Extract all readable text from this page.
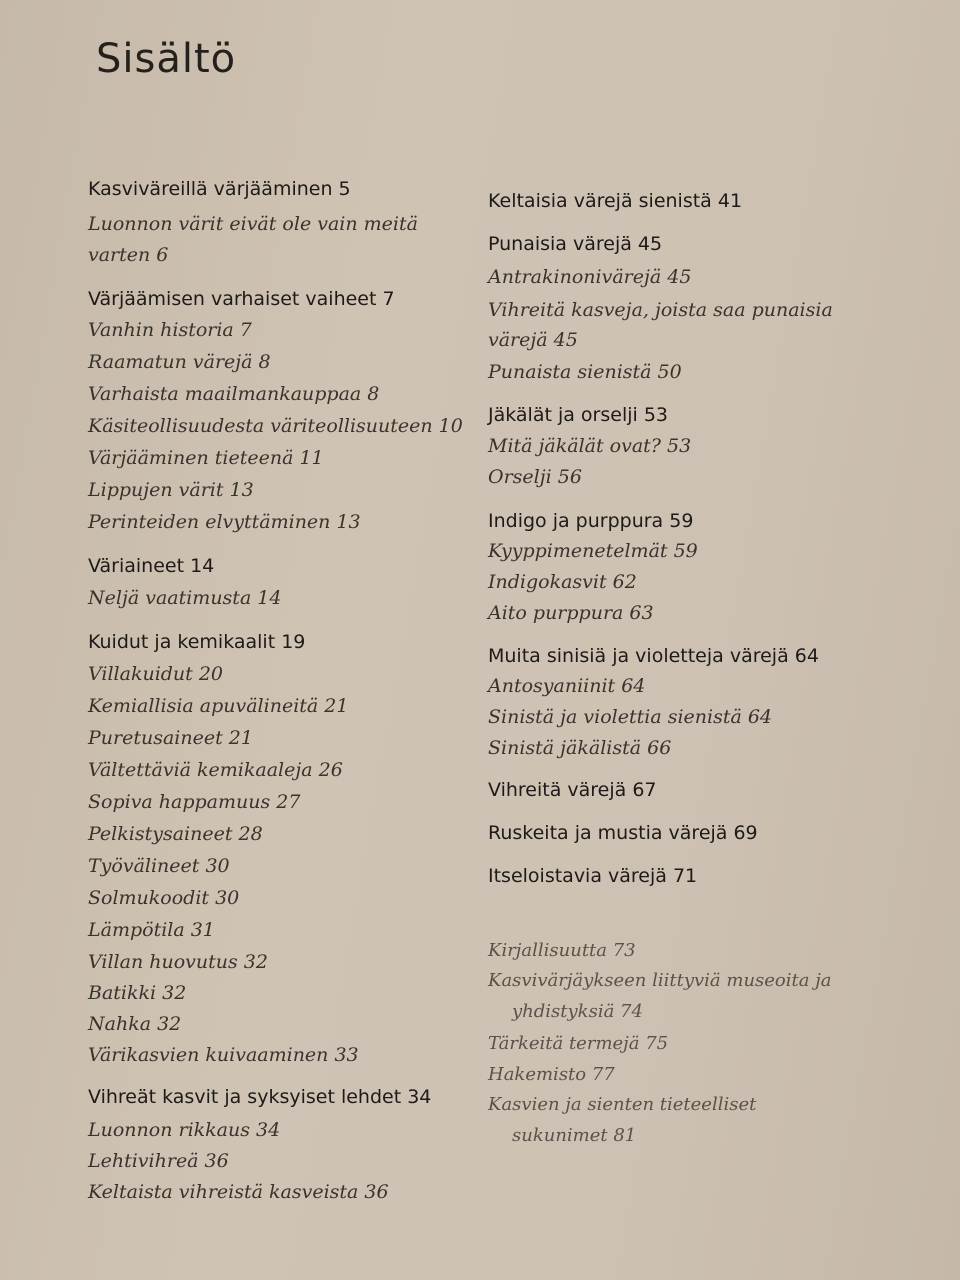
Sisältö
Kasviväreillä värjääminen 5
Luonnon värit eivät ole vain meitä
varten 6
Värjäämisen varhaiset vaiheet 7
Vanhin historia 7
Raamatun värejä 8
Varhaista maailmankauppaa 8
Käsiteollisuudesta väriteollisuuteen 10
Värjääminen tieteenä 11
Lippujen värit 13
Perinteiden elvyttäminen 13
Väriaineet 14
Neljä vaatimusta 14
Kuidut ja kemikaalit 19
Villakuidut 20
Kemiallisia apuvälineitä 21
Puretusaineet 21
Vältettäviä kemikaaleja 26
Sopiva happamuus 27
Pelkistysaineet 28
Työvälineet 30
Solmukoodit 30
Lämpötila 31
Villan huovutus 32
Batikki 32
Nahka 32
Värikasvien kuivaaminen 33
Vihreät kasvit ja syksyiset lehdet 34
Luonnon rikkaus 34
Lehtivihreä 36
Keltaista vihreistä kasveista 36
Keltaisia värejä sienistä 41
Punaisia värejä 45
Antrakinonivärejä 45
Vihreitä kasveja, joista saa punaisia
värejä 45
Punaista sienistä 50
Jäkälät ja orselji 53
Mitä jäkälät ovat? 53
Orselji 56
Indigo ja purppura 59
Kyyppimenetelmät 59
Indigokasvit 62
Aito purppura 63
Muita sinisiä ja violetteja värejä 64
Antosyaniinit 64
Sinistä ja violettia sienistä 64
Sinistä jäkälistä 66
Vihreitä värejä 67
Ruskeita ja mustia värejä 69
Itseloistavia värejä 71
Kirjallisuutta 73
Kasvivärjäykseen liittyviä museoita ja
yhdistyksiä 74
Tärkeitä termejä 75
Hakemisto 77
Kasvien ja sienten tieteelliset
sukunimet 81
